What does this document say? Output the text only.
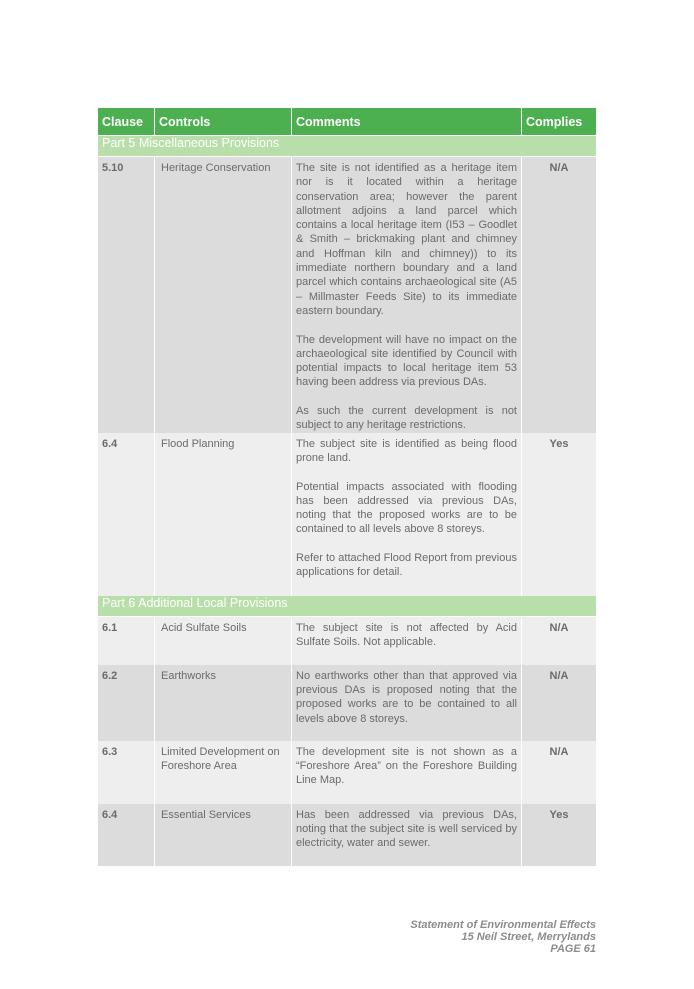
Clause	Controls	Comments	Complies
Part 5 Miscellaneous Provisions			
5.10	Heritage Conservation	The site is not identified as a heritage item nor is it located within a heritage conservation area; however the parent allotment adjoins a land parcel which contains a local heritage item (I53 – Goodlet & Smith – brickmaking plant and chimney and Hoffman kiln and chimney)) to its immediate northern boundary and a land parcel which contains archaeological site (A5 – Millmaster Feeds Site) to its immediate eastern boundary.

The development will have no impact on the archaeological site identified by Council with potential impacts to local heritage item 53 having been address via previous DAs.

As such the current development is not subject to any heritage restrictions.	N/A
6.4	Flood Planning	The subject site is identified as being flood prone land.

Potential impacts associated with flooding has been addressed via previous DAs, noting that the proposed works are to be contained to all levels above 8 storeys.

Refer to attached Flood Report from previous applications for detail.	Yes
Part 6 Additional Local Provisions			
6.1	Acid Sulfate Soils	The subject site is not affected by Acid Sulfate Soils. Not applicable.	N/A
6.2	Earthworks	No earthworks other than that approved via previous DAs is proposed noting that the proposed works are to be contained to all levels above 8 storeys.	N/A
6.3	Limited Development on Foreshore Area	The development site is not shown as a “Foreshore Area” on the Foreshore Building Line Map.	N/A
6.4	Essential Services	Has been addressed via previous DAs, noting that the subject site is well serviced by electricity, water and sewer.	Yes
Statement of Environmental Effects
15 Neil Street, Merrylands
PAGE 61
